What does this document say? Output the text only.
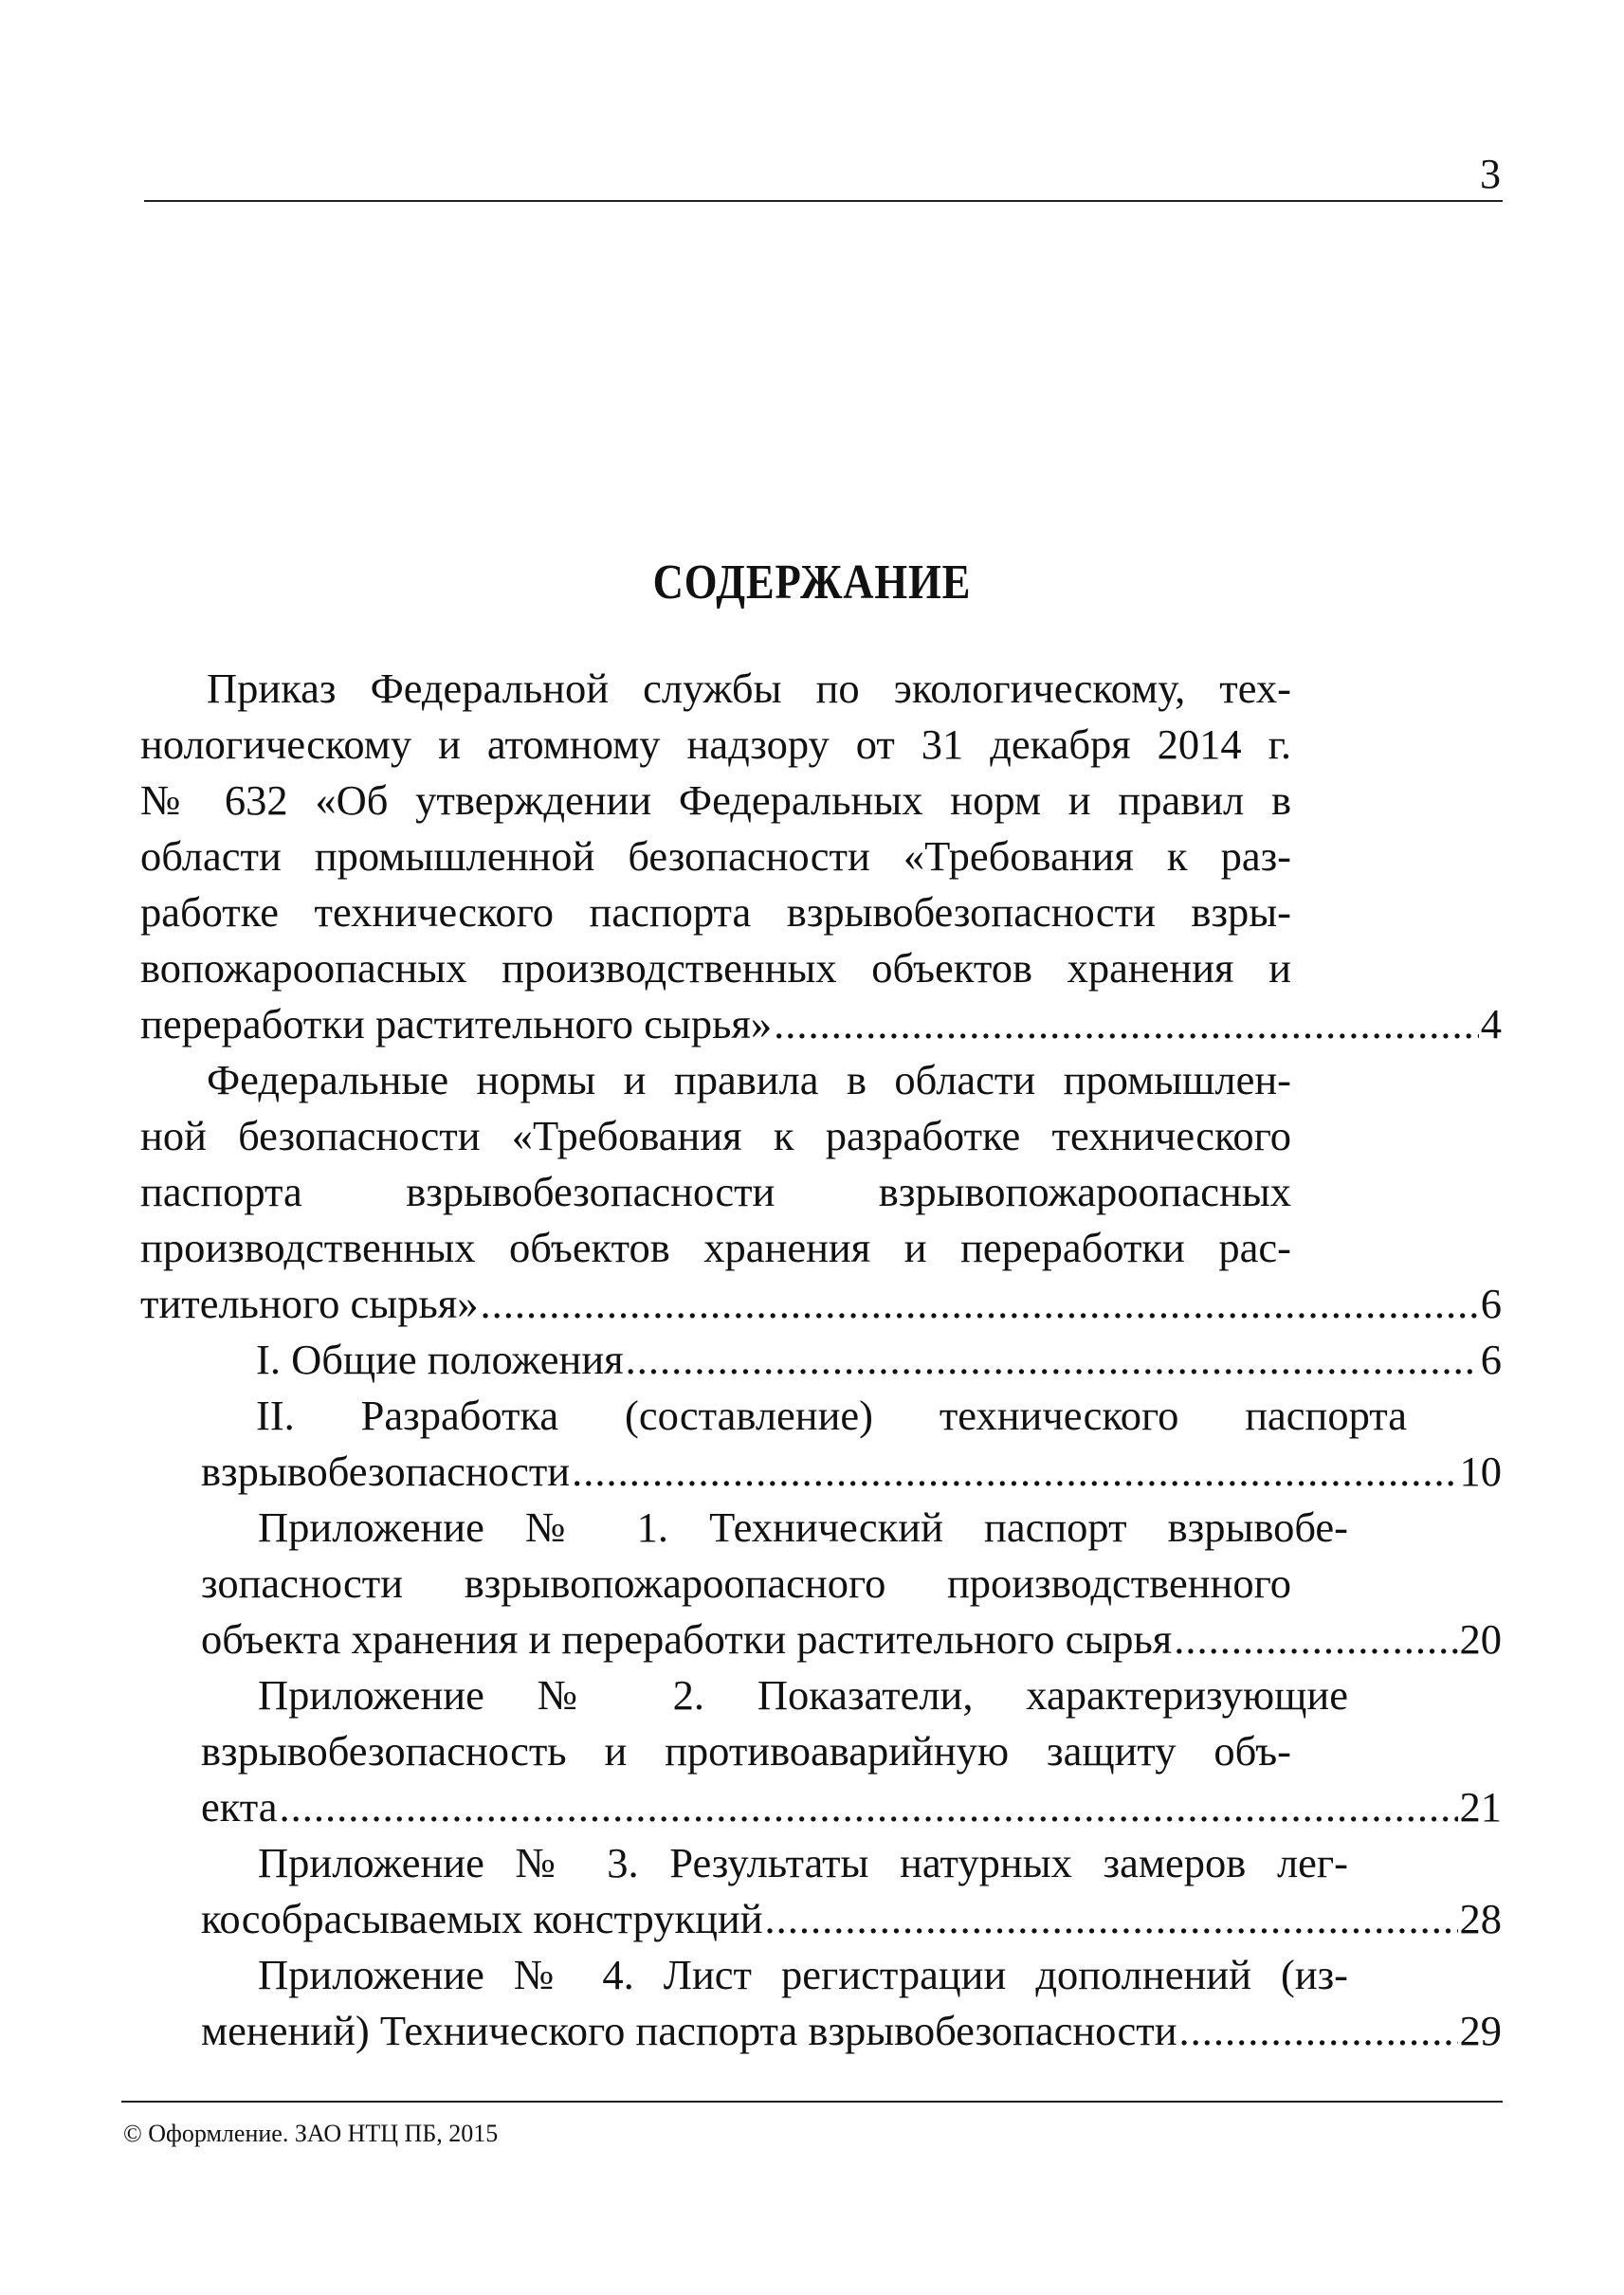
3
СОДЕРЖАНИЕ
Приказ Федеральной службы по экологическому, тех-
нологическому и атомному надзору от 31 декабря 2014 г.
№ 632 «Об утверждении Федеральных норм и правил в
области промышленной безопасности «Требования к раз-
работке технического паспорта взрывобезопасности взры-
вопожароопасных производственных объектов хранения и
переработки растительного сырья» .....	4
Федеральные нормы и правила в области промышлен-
ной безопасности «Требования к разработке технического
паспорта взрывобезопасности взрывопожароопасных
производственных объектов хранения и переработки рас-
тительного сырья» .....	6
I. Общие положения .....	6
II. Разработка (составление) технического паспорта
взрывобезопасности .....	10
Приложение № 1. Технический паспорт взрывобе-
зопасности взрывопожароопасного производственного
объекта хранения и переработки растительного сырья .....	20
Приложение № 2. Показатели, характеризующие
взрывобезопасность и противоаварийную защиту объ-
екта .....	21
Приложение № 3. Результаты натурных замеров лег-
кособрасываемых конструкций .....	28
Приложение № 4. Лист регистрации дополнений (из-
менений) Технического паспорта взрывобезопасности .....	29
© Оформление. ЗАО НТЦ ПБ, 2015
